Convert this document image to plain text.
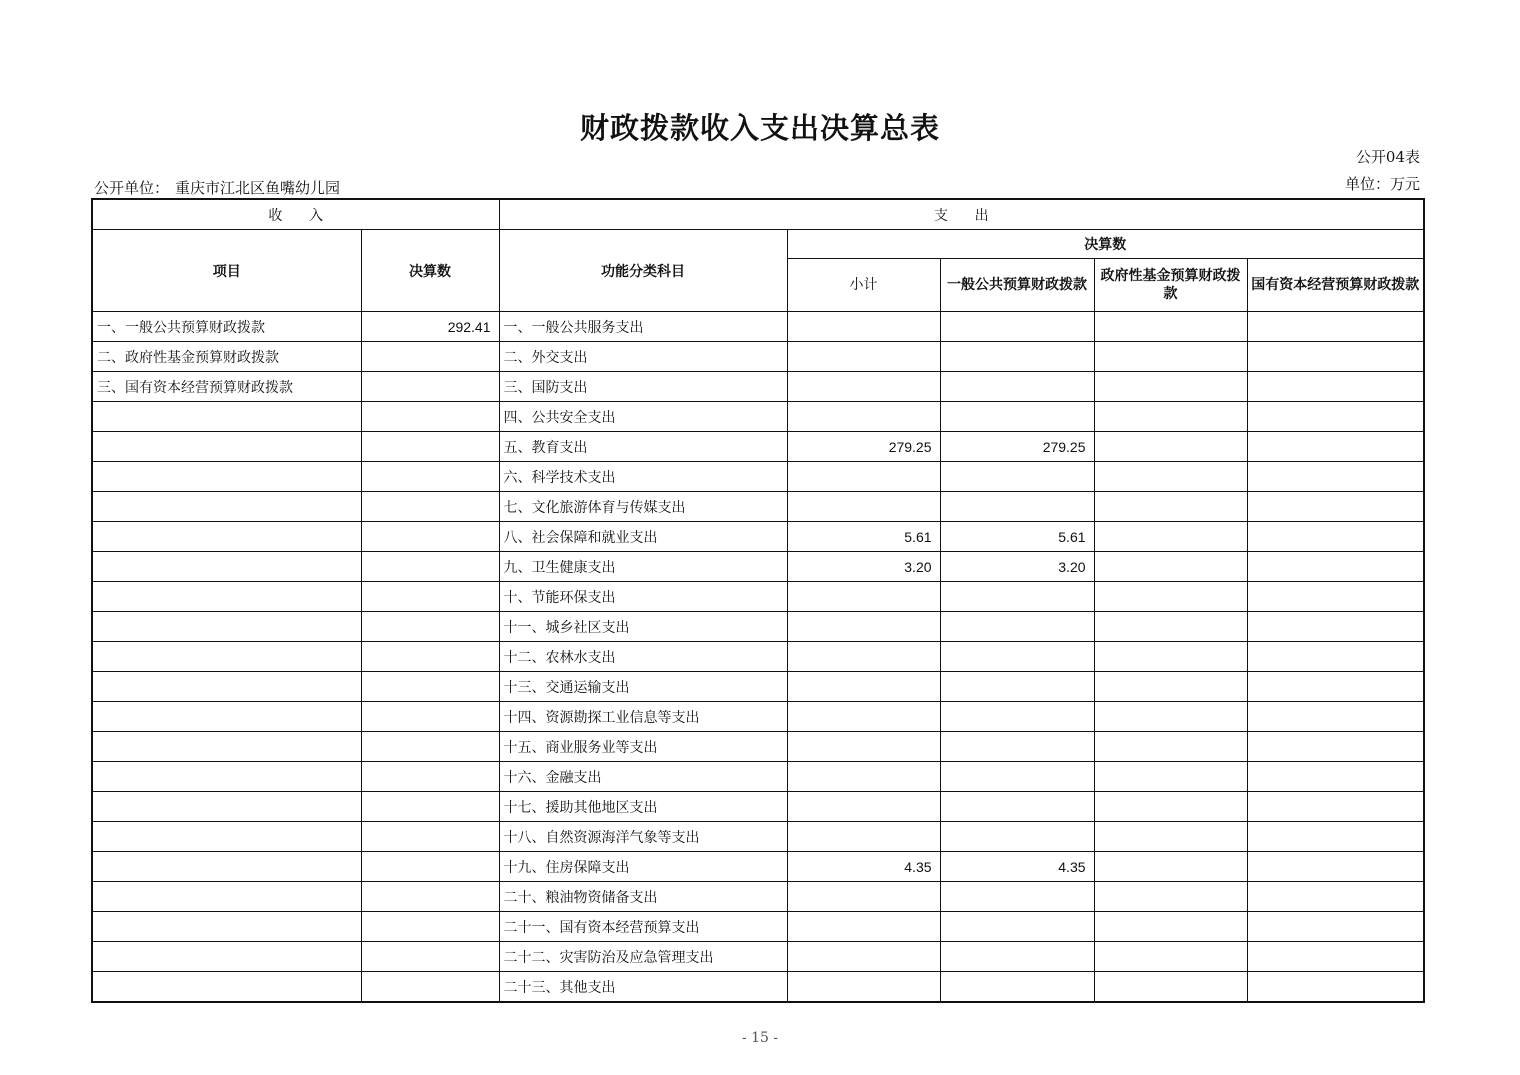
财政拨款收入支出决算总表
公开04表
单位：万元
公开单位： 重庆市江北区鱼嘴幼儿园
收      入		支      出				
项目	决算数	功能分类科目	决算数			
			小计	一般公共预算财政拨款	政府性基金预算财政拨款	国有资本经营预算财政拨款
一、一般公共预算财政拨款	292.41	一、一般公共服务支出				
二、政府性基金预算财政拨款		二、外交支出				
三、国有资本经营预算财政拨款		三、国防支出				
		四、公共安全支出				
		五、教育支出	279.25	279.25		
		六、科学技术支出				
		七、文化旅游体育与传媒支出				
		八、社会保障和就业支出	5.61	5.61		
		九、卫生健康支出	3.20	3.20		
		十、节能环保支出				
		十一、城乡社区支出				
		十二、农林水支出				
		十三、交通运输支出				
		十四、资源勘探工业信息等支出				
		十五、商业服务业等支出				
		十六、金融支出				
		十七、援助其他地区支出				
		十八、自然资源海洋气象等支出				
		十九、住房保障支出	4.35	4.35		
		二十、粮油物资储备支出				
		二十一、国有资本经营预算支出				
		二十二、灾害防治及应急管理支出				
		二十三、其他支出				
- 15 -
